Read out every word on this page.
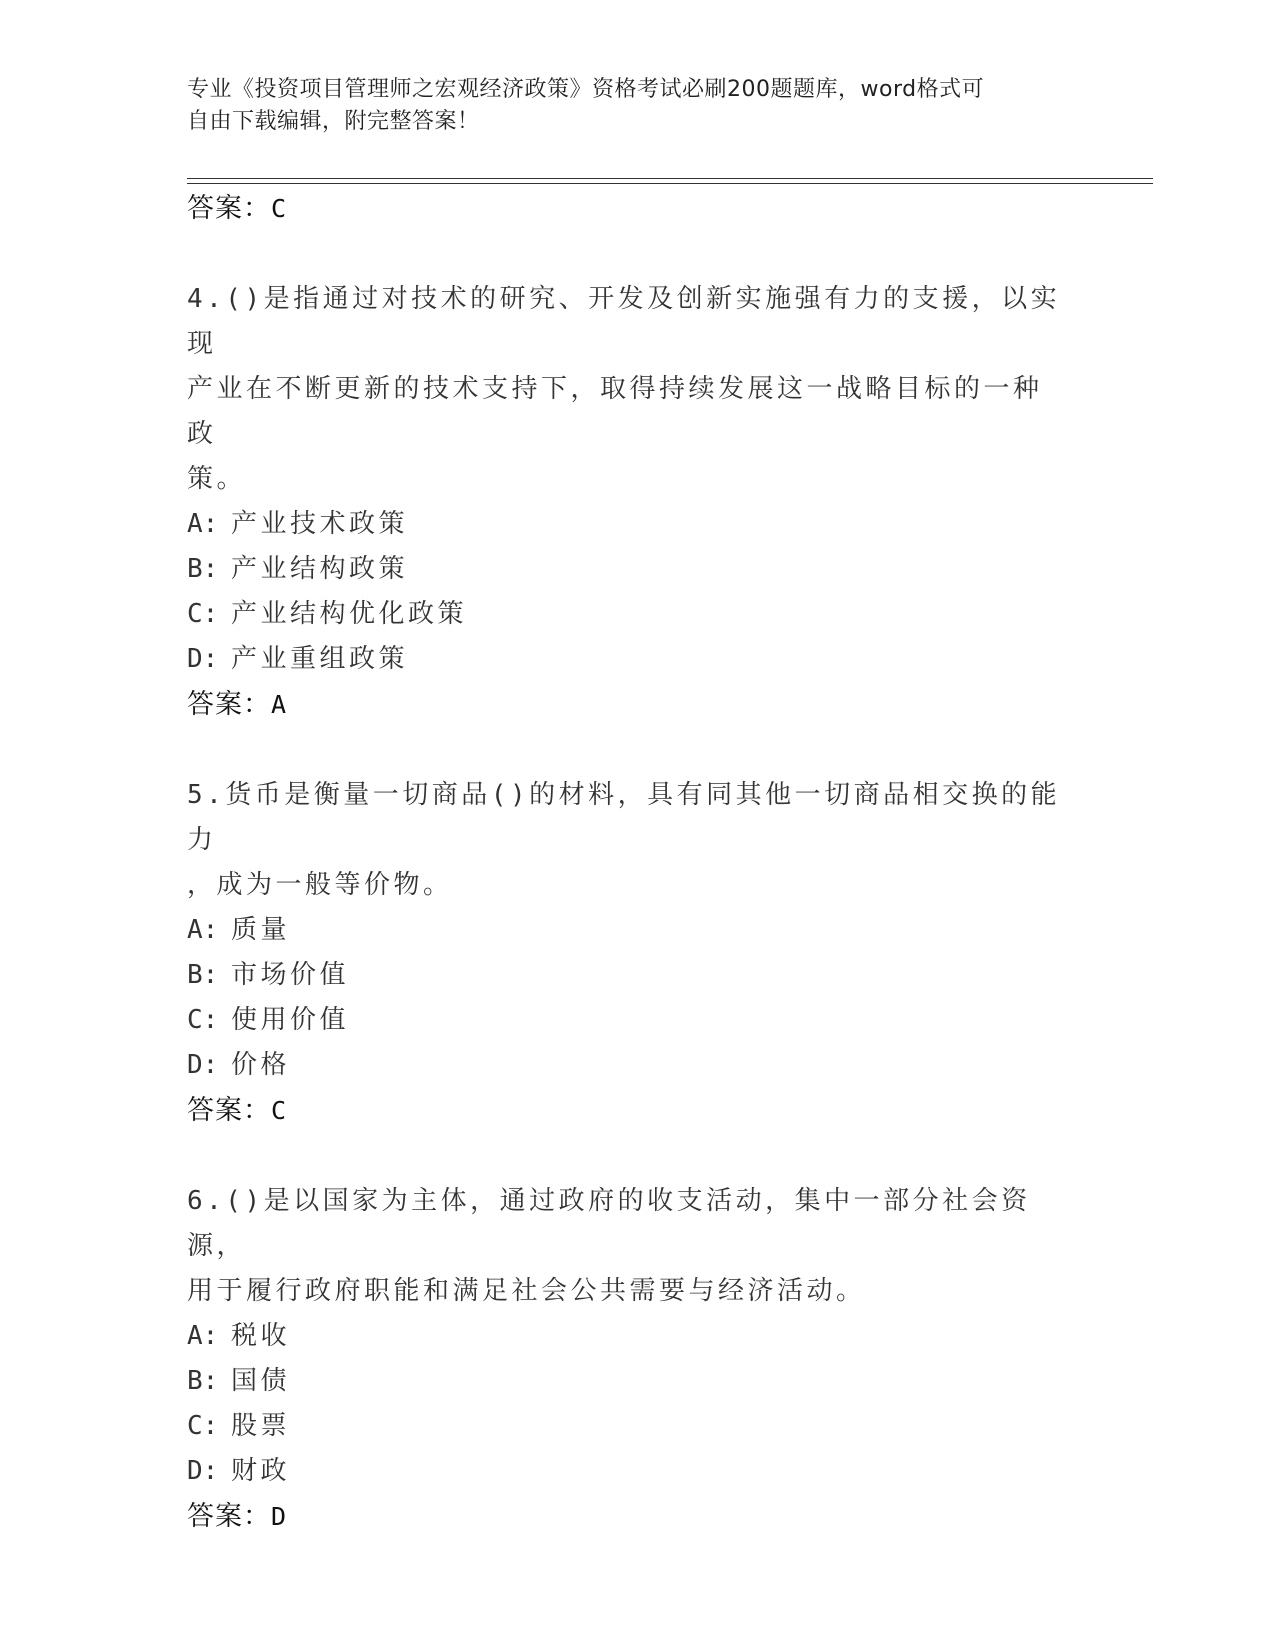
专业《投资项目管理师之宏观经济政策》资格考试必刷200题题库，word格式可
自由下载编辑，附完整答案！
答案：C
4.()是指通过对技术的研究、开发及创新实施强有力的支援，以实现
产业在不断更新的技术支持下，取得持续发展这一战略目标的一种政
策。
A: 产业技术政策
B: 产业结构政策
C: 产业结构优化政策
D: 产业重组政策
答案：A
5.货币是衡量一切商品()的材料，具有同其他一切商品相交换的能力
，成为一般等价物。
A: 质量
B: 市场价值
C: 使用价值
D: 价格
答案：C
6.()是以国家为主体，通过政府的收支活动，集中一部分社会资源，
用于履行政府职能和满足社会公共需要与经济活动。
A: 税收
B: 国债
C: 股票
D: 财政
答案：D
